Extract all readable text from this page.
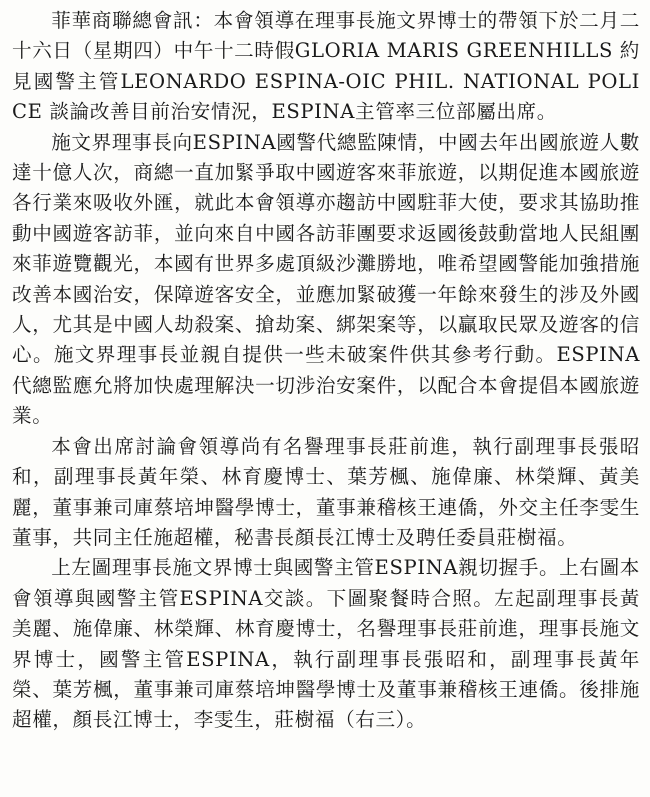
菲華商聯總會訊：本會領導在理事長施文界博士的帶領下於二月二十六日（星期四）中午十二時假GLORIA MARIS GREENHILLS 約見國警主管LEONARDO ESPINA-OIC PHIL. NATIONAL POLICE 談論改善目前治安情況，ESPINA主管率三位部屬出席。

施文界理事長向ESPINA國警代總監陳情，中國去年出國旅遊人數達十億人次，商總一直加緊爭取中國遊客來菲旅遊，以期促進本國旅遊各行業來吸收外匯，就此本會領導亦趨訪中國駐菲大使，要求其協助推動中國遊客訪菲，並向來自中國各訪菲團要求返國後鼓動當地人民組團來菲遊覽觀光，本國有世界多處頂級沙灘勝地，唯希望國警能加強措施改善本國治安，保障遊客安全，並應加緊破獲一年餘來發生的涉及外國人，尤其是中國人劫殺案、搶劫案、綁架案等，以贏取民眾及遊客的信心。施文界理事長並親自提供一些未破案件供其參考行動。ESPINA代總監應允將加快處理解決一切涉治安案件，以配合本會提倡本國旅遊業。

本會出席討論會領導尚有名譽理事長莊前進，執行副理事長張昭和，副理事長黃年榮、林育慶博士、葉芳楓、施偉廉、林榮輝、黃美麗，董事兼司庫蔡培坤醫學博士，董事兼稽核王連僑，外交主任李雯生董事，共同主任施超權，秘書長顏長江博士及聘任委員莊樹福。

上左圖理事長施文界博士與國警主管ESPINA親切握手。上右圖本會領導與國警主管ESPINA交談。下圖聚餐時合照。左起副理事長黃美麗、施偉廉、林榮輝、林育慶博士，名譽理事長莊前進，理事長施文界博士，國警主管ESPINA，執行副理事長張昭和，副理事長黃年榮、葉芳楓，董事兼司庫蔡培坤醫學博士及董事兼稽核王連僑。後排施超權，顏長江博士，李雯生，莊樹福（右三）。
